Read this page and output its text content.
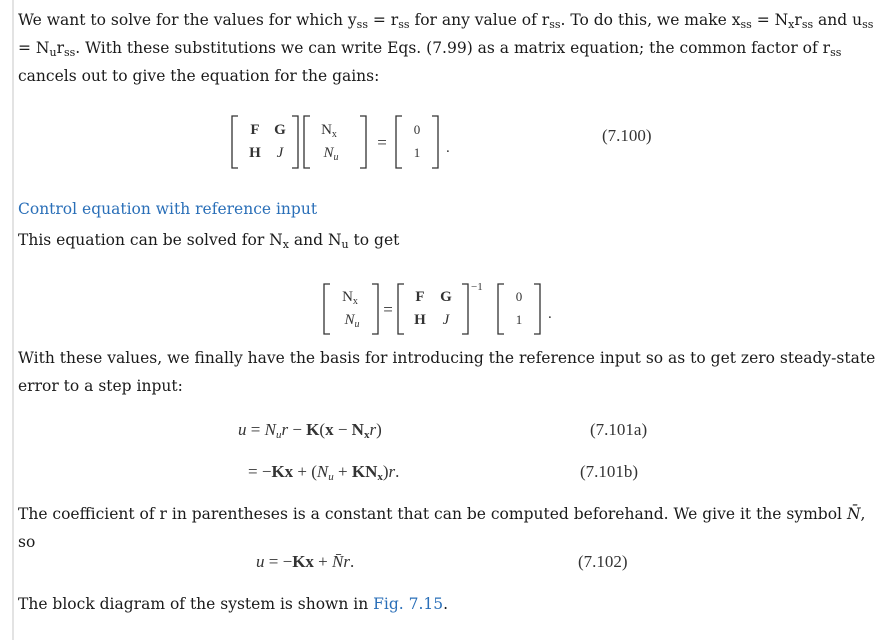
We want to solve for the values for which $y_{ss} = r_{ss}$ for any value of $r_{ss}$. To do this, we make $x_{ss} = N_xr_{ss}$ and $u_{ss} = N_ur_{ss}$. With these substitutions we can write Eqs. (7.99) as a matrix equation; the common factor of $r_{ss}$ cancels out to give the equation for the gains:

F G
H J
$N_x$
$N_u$
=
0
1 .
(7.100)
Control equation with reference input

This equation can be solved for $N_x$ and $N_u$ to get

$N_x$
$N_u$
=
F G
H J
−1
0
1 .

With these values, we finally have the basis for introducing the reference input so as to get zero steady-state error to a step input:

$u = N_ur - K(x - N_xr)$	(7.101a)
= $-Kx + (N_u + KN_x)r$.	(7.101b)

The coefficient of r in parentheses is a constant that can be computed beforehand. We give it the symbol N̄, so

u = −Kx + N̄r.	(7.102)

The block diagram of the system is shown in Fig. 7.15.
